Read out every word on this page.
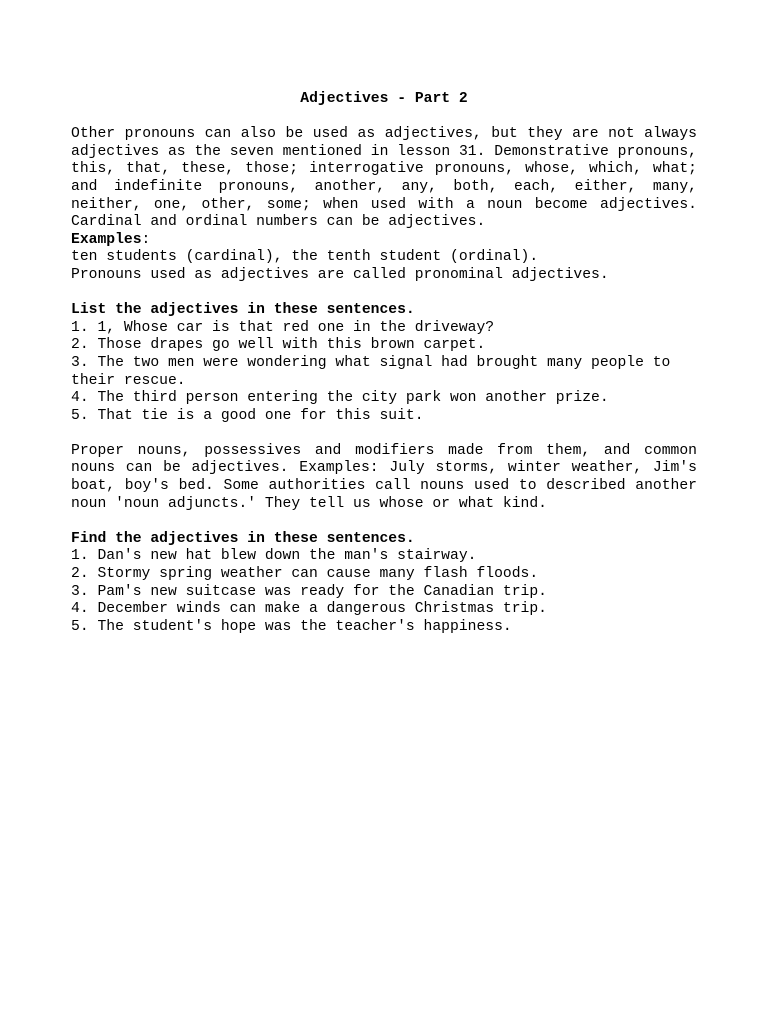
Adjectives - Part 2

Other pronouns can also be used as adjectives, but they are not always adjectives as the seven mentioned in lesson 31. Demonstrative pronouns, this, that, these, those; interrogative pronouns, whose, which, what; and indefinite pronouns, another, any, both, each, either, many, neither, one, other, some; when used with a noun become adjectives. Cardinal and ordinal numbers can be adjectives.

Examples:

ten students (cardinal), the tenth student (ordinal).

Pronouns used as adjectives are called pronominal adjectives.

List the adjectives in these sentences.

1. 1, Whose car is that red one in the driveway?
2. Those drapes go well with this brown carpet.
3. The two men were wondering what signal had brought many people to their rescue.
4. The third person entering the city park won another prize.
5. That tie is a good one for this suit.

Proper nouns, possessives and modifiers made from them, and common nouns can be adjectives. Examples: July storms, winter weather, Jim's boat, boy's bed. Some authorities call nouns used to described another noun 'noun adjuncts.' They tell us whose or what kind.

Find the adjectives in these sentences.

1. Dan's new hat blew down the man's stairway.
2. Stormy spring weather can cause many flash floods.
3. Pam's new suitcase was ready for the Canadian trip.
4. December winds can make a dangerous Christmas trip.
5. The student's hope was the teacher's happiness.
